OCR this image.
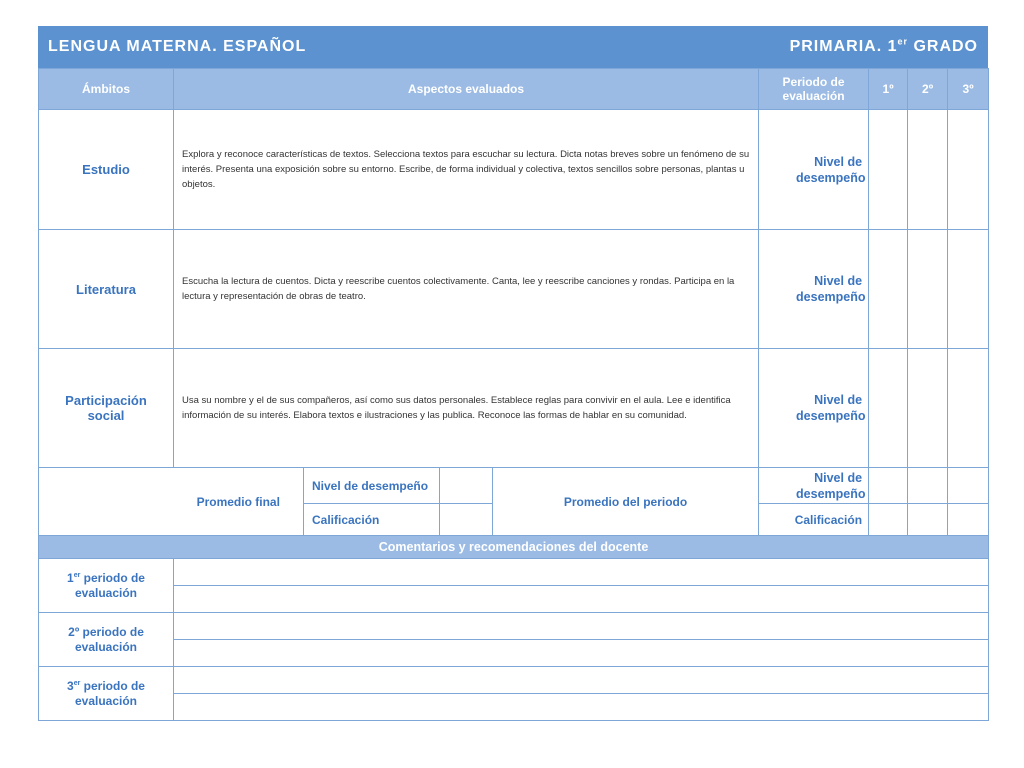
LENGUA MATERNA. ESPAÑOL	PRIMARIA. 1er GRADO
Ámbitos	Aspectos evaluados				Periodo de evaluación	1º	2º	3º
Estudio	Explora y reconoce características de textos. Selecciona textos para escuchar su lectura. Dicta notas breves sobre un fenómeno de su interés. Presenta una exposición sobre su entorno. Escribe, de forma individual y colectiva, textos sencillos sobre personas, plantas u objetos.				Nivel de desempeño			

Literatura	Escucha la lectura de cuentos. Dicta y reescribe cuentos colectivamente. Canta, lee y reescribe canciones y rondas. Participa en la lectura y representación de obras de teatro.				Nivel de desempeño			

Participación social	Usa su nombre y el de sus compañeros, así como sus datos personales. Establece reglas para convivir en el aula. Lee e identifica información de su interés. Elabora textos e ilustraciones y las publica. Reconoce las formas de hablar en su comunidad.				Nivel de desempeño			

	Promedio final	Nivel de desempeño		Promedio del periodo	Nivel de desempeño			

		Calificación			Calificación			
Comentarios y recomendaciones del docente								
1er periodo de evaluación								

2º periodo de evaluación								

3er periodo de evaluación								
